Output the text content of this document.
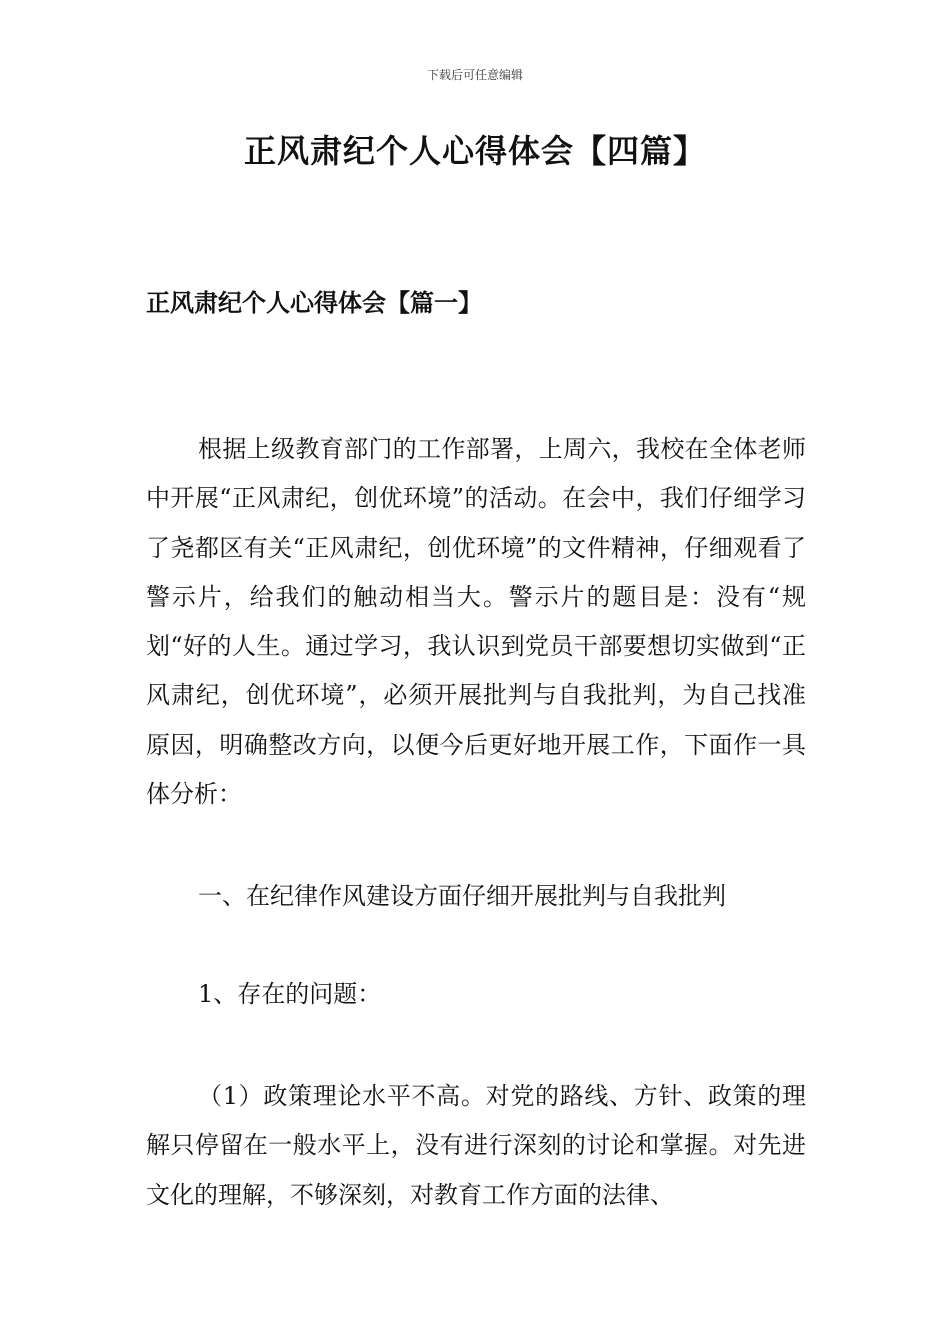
下载后可任意编辑
正风肃纪个人心得体会【四篇】
正风肃纪个人心得体会【篇一】

根据上级教育部门的工作部署，上周六，我校在全体老师中开展“正风肃纪，创优环境”的活动。在会中，我们仔细学习了尧都区有关“正风肃纪，创优环境”的文件精神，仔细观看了警示片，给我们的触动相当大。警示片的题目是：没有“规划“好的人生。通过学习，我认识到党员干部要想切实做到“正风肃纪，创优环境”，必须开展批判与自我批判，为自己找准原因，明确整改方向，以便今后更好地开展工作，下面作一具体分析：

一、在纪律作风建设方面仔细开展批判与自我批判

1、存在的问题：

（1）政策理论水平不高。对党的路线、方针、政策的理解只停留在一般水平上，没有进行深刻的讨论和掌握。对先进文化的理解，不够深刻，对教育工作方面的法律、
